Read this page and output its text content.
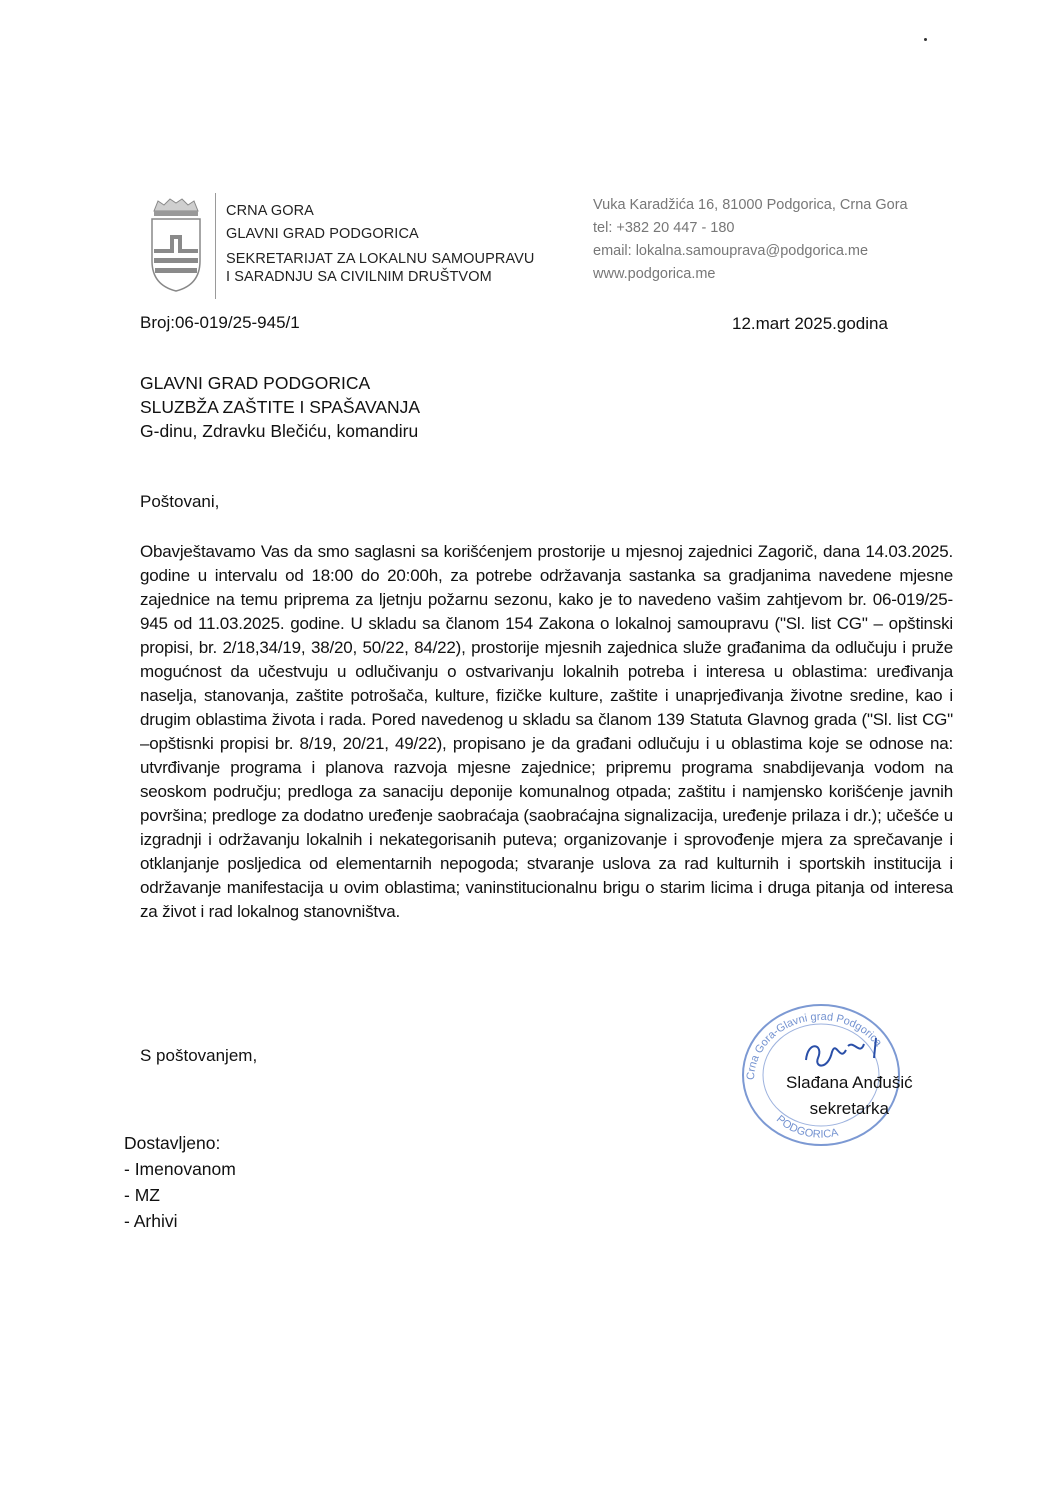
CRNA GORA
GLAVNI GRAD PODGORICA
SEKRETARIJAT ZA LOKALNU SAMOUPRAVU
I SARADNJU SA CIVILNIM DRUŠTVOM
Vuka Karadžića 16, 81000 Podgorica, Crna Gora
tel: +382 20 447 - 180
email: lokalna.samouprava@podgorica.me
www.podgorica.me
Broj:06-019/25-945/1	12.mart 2025.godina
GLAVNI GRAD PODGORICA
SLUZBŽA ZAŠTITE I SPAŠAVANJA
G-dinu, Zdravku Blečiću, komandiru
Poštovani,
Obavještavamo Vas da smo saglasni sa korišćenjem prostorije u mjesnoj zajednici Zagorič, dana 14.03.2025. godine u intervalu od 18:00 do 20:00h, za potrebe održavanja sastanka sa gradjanima navedene mjesne zajednice na temu priprema za ljetnju požarnu sezonu, kako je to navedeno vašim zahtjevom br. 06-019/25-945 od 11.03.2025. godine. U skladu sa članom 154 Zakona o lokalnoj samoupravu ("Sl. list CG" – opštinski propisi, br. 2/18,34/19, 38/20, 50/22, 84/22), prostorije mjesnih zajednica služe građanima da odlučuju i pruže mogućnost da učestvuju u odlučivanju o ostvarivanju lokalnih potreba i interesa u oblastima: uređivanja naselja, stanovanja, zaštite potrošača, kulture, fizičke kulture, zaštite i unaprjeđivanja životne sredine, kao i drugim oblastima života i rada. Pored navedenog u skladu sa članom 139 Statuta Glavnog grada ("Sl. list CG" –opštisnki propisi br. 8/19, 20/21, 49/22), propisano je da građani odlučuju i u oblastima koje se odnose na: utvrđivanje programa i planova razvoja mjesne zajednice; pripremu programa snabdijevanja vodom na seoskom području; predloga za sanaciju deponije komunalnog otpada; zaštitu i namjensko korišćenje javnih površina; predloge za dodatno uređenje saobraćaja (saobraćajna signalizacija, uređenje prilaza i dr.); učešće u izgradnji i održavanju lokalnih i nekategorisanih puteva; organizovanje i sprovođenje mjera za sprečavanje i otklanjanje posljedica od elementarnih nepogoda; stvaranje uslova za rad kulturnih i sportskih institucija i održavanje manifestacija u ovim oblastima; vaninstitucionalnu brigu o starim licima i druga pitanja od interesa za život i rad lokalnog stanovništva.
S poštovanjem,
Crna Gora-Glavni grad Podgorica
PODGORICA
Slađana Anđušić
sekretarka
Dostavljeno:
- Imenovanom
- MZ
- Arhivi
